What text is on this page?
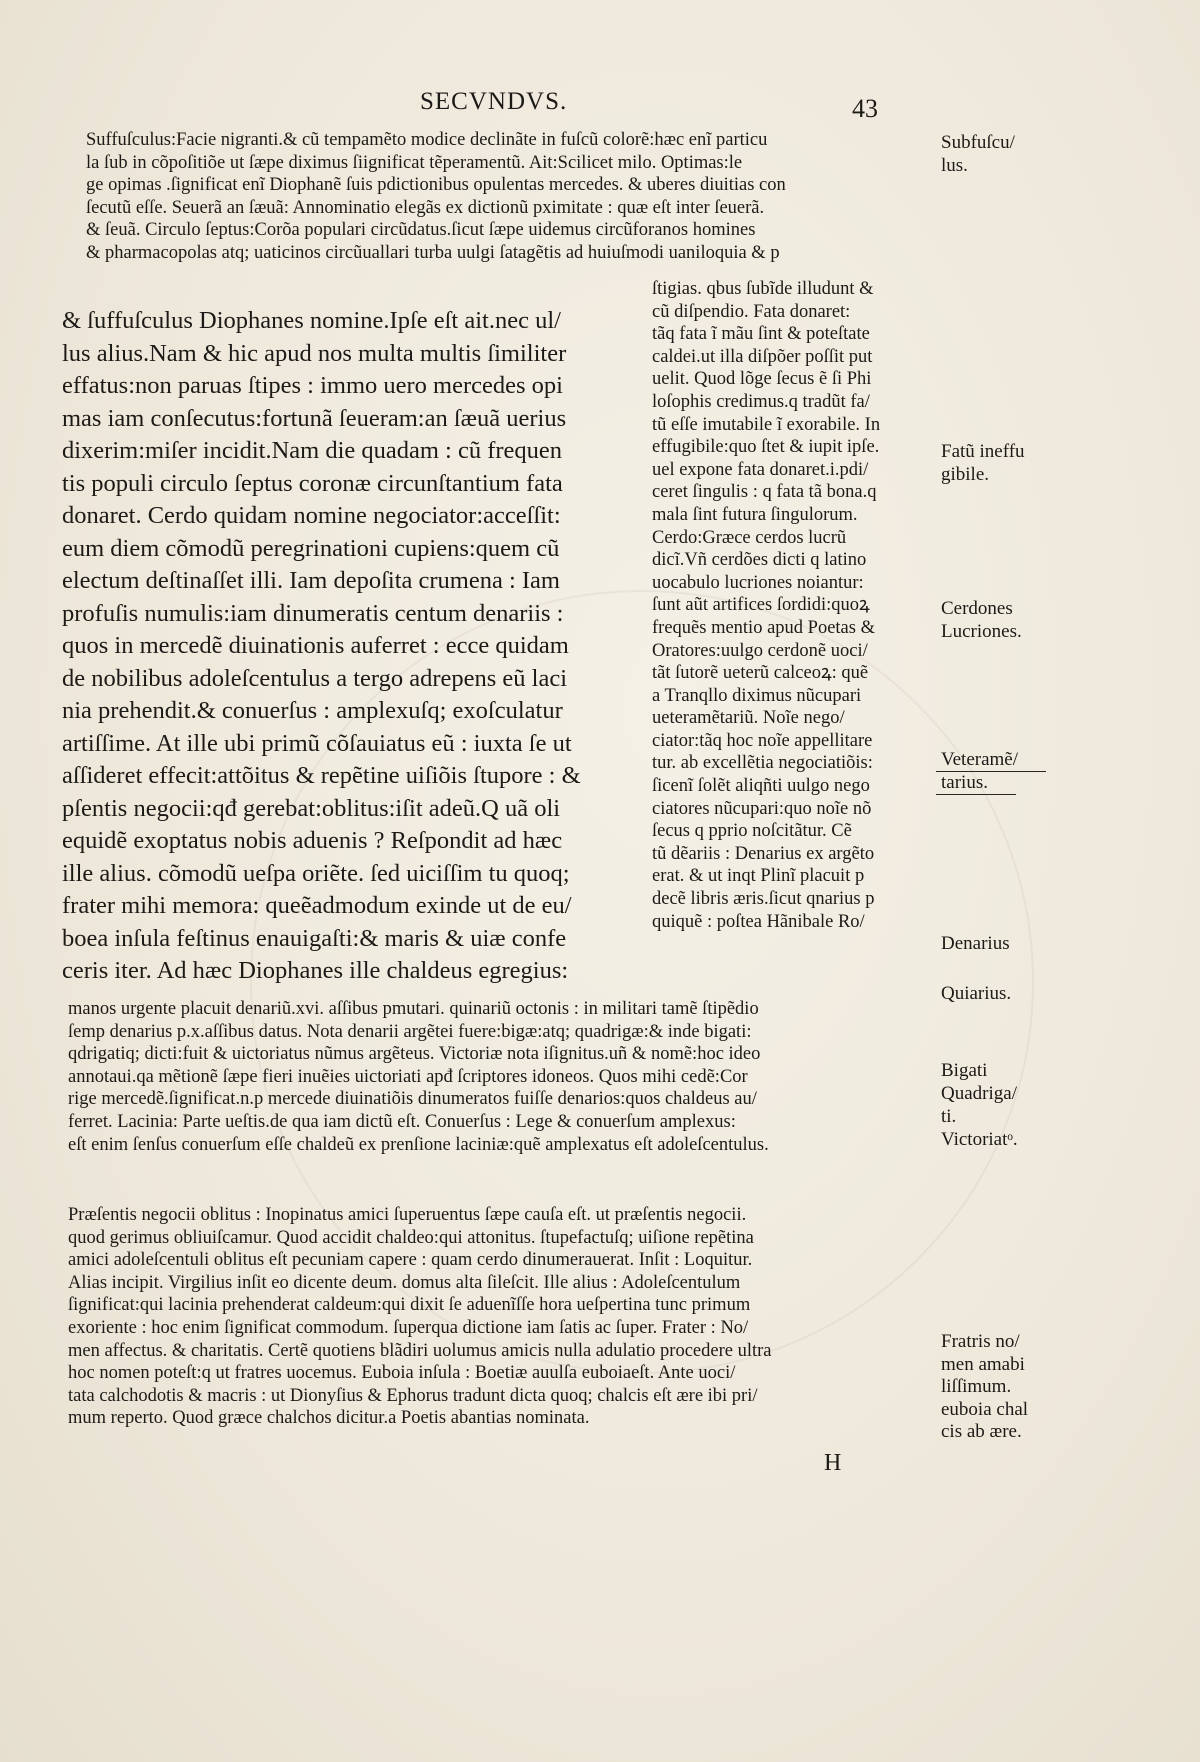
SECVNDVS.	43
Suffuſculus:Facie nigranti.& cũ tempamẽto modice declinãte in fuſcũ colorẽ:hæc enĩ particu
la ſub in cõpoſitiõe ut ſæpe diximus ſiignificat tẽperamentũ. Ait:Scilicet milo. Optimas:le
ge opimas .ſignificat enĩ Diophanẽ ſuis pdictionibus opulentas mercedes. & uberes diuitias con
ſecutũ eſſe. Seuerã an ſæuã: Annominatio elegãs ex dictionũ pximitate : quæ eſt inter ſeuerã.
& ſeuã. Circulo ſeptus:Corõa populari circũdatus.ſicut ſæpe uidemus circũforanos homines
& pharmacopolas atq; uaticinos circũuallari turba uulgi ſatagẽtis ad huiuſmodi uaniloquia & p
& ſuffuſculus Diophanes nomine.Ipſe eſt ait.nec ul/
lus alius.Nam & hic apud nos multa multis ſimiliter
effatus:non paruas ſtipes : immo uero mercedes opi
mas iam conſecutus:fortunã ſeueram:an ſæuã uerius
dixerim:miſer incidit.Nam die quadam : cũ frequen
tis populi circulo ſeptus coronæ circunſtantium fata
donaret. Cerdo quidam nomine negociator:acceſſit:
eum diem cõmodũ peregrinationi cupiens:quem cũ
electum deſtinaſſet illi. Iam depoſita crumena : Iam
profuſis numulis:iam dinumeratis centum denariis :
quos in mercedẽ diuinationis auferret : ecce quidam
de nobilibus adoleſcentulus a tergo adrepens eũ laci
nia prehendit.& conuerſus : amplexuſq; exoſculatur
artiſſime. At ille ubi primũ cõſauiatus eũ : iuxta ſe ut
aſſideret effecit:attõitus & repẽtine uiſiõis ſtupore : &
pſentis negocii:qđ gerebat:oblitus:iſit adeũ.Q uã oli
equidẽ exoptatus nobis aduenis ? Reſpondit ad hæc
ille alius. cõmodũ ueſpa oriẽte. ſed uiciſſim tu quoq;
frater mihi memora: queẽadmodum exinde ut de eu/
boea inſula feſtinus enauigaſti:& maris & uiæ confe
ceris iter. Ad hæc Diophanes ille chaldeus egregius:
ſtigias. qbus ſubĩde illudunt &
cũ diſpendio. Fata donaret:
tãq fata ĩ mãu ſint & poteſtate
caldei.ut illa diſpõer poſſit put
uelit. Quod lõge ſecus ẽ ſi Phi
loſophis credimus.q tradũt fa/
tũ eſſe imutabile ĩ exorabile. In
effugibile:quo ſtet & iupit ipſe.
uel expone fata donaret.i.pdi/
ceret ſingulis : q fata tã bona.q
mala ſint futura ſingulorum.
Cerdo:Græce cerdos lucrũ
dicĩ.Vñ cerdões dicti q latino
uocabulo lucriones noiantur:
ſunt aũt artifices ſordidi:quoꝝ
frequẽs mentio apud Poetas &
Oratores:uulgo cerdonẽ uoci/
tãt ſutorẽ ueterũ calceoꝝ: quẽ
a Tranqllo diximus nũcupari
ueteramẽtariũ. Noĩe nego/
ciator:tãq hoc noĩe appellitare
tur. ab excellẽtia negociatiõis:
ſicenĩ ſolẽt aliqñti uulgo nego
ciatores nũcupari:quo noĩe nõ
ſecus q pprio noſcitãtur. Cẽ
tũ dẽariis : Denarius ex argẽto
erat. & ut inqt Plinĩ placuit p
decẽ libris æris.ſicut qnarius p
quiquẽ : poſtea Hãnibale Ro/
manos urgente placuit denariũ.xvi. aſſibus pmutari. quinariũ octonis : in militari tamẽ ſtipẽdio
ſemp denarius p.x.aſſibus datus. Nota denarii argẽtei fuere:bigæ:atq; quadrigæ:& inde bigati:
qdrigatiq; dicti:fuit & uictoriatus nũmus argẽteus. Victoriæ nota iſignitus.uñ & nomẽ:hoc ideo
annotaui.qa mẽtionẽ ſæpe fieri inuẽies uictoriati apđ ſcriptores idoneos. Quos mihi cedẽ:Cor
rige mercedẽ.ſignificat.n.p mercede diuinatiõis dinumeratos fuiſſe denarios:quos chaldeus au/
ferret. Lacinia: Parte ueſtis.de qua iam dictũ eſt. Conuerſus : Lege & conuerſum amplexus:
eſt enim ſenſus conuerſum eſſe chaldeũ ex prenſione laciniæ:quẽ amplexatus eſt adoleſcentulus.
Præſentis negocii oblitus : Inopinatus amici ſuperuentus ſæpe cauſa eſt. ut præſentis negocii.
quod gerimus obliuiſcamur. Quod accidit chaldeo:qui attonitus. ſtupefactuſq; uiſione repẽtina
amici adoleſcentuli oblitus eſt pecuniam capere : quam cerdo dinumerauerat. Inſit : Loquitur.
Alias incipit. Virgilius inſit eo dicente deum. domus alta ſileſcit. Ille alius : Adoleſcentulum
ſignificat:qui lacinia prehenderat caldeum:qui dixit ſe aduenĩſſe hora ueſpertina tunc primum
exoriente : hoc enim ſignificat commodum. ſuperqua dictione iam ſatis ac ſuper. Frater : No/
men affectus. & charitatis. Certẽ quotiens blãdiri uolumus amicis nulla adulatio procedere ultra
hoc nomen poteſt:q ut fratres uocemus. Euboia inſula : Boetiæ auulſa euboiaeſt. Ante uoci/
tata calchodotis & macris : ut Dionyſius & Ephorus tradunt dicta quoq; chalcis eſt ære ibi pri/
mum reperto. Quod græce chalchos dicitur.a Poetis abantias nominata.
Subfuſcu/
lus.
Fatũ ineffu
gibile.
Cerdones
Lucriones.
Veteramẽ/
tarius.
Denarius
Quiarius.
Bigati
Quadriga/
ti.
Victoriatᵒ.
Fratris no/
men amabi
liſſimum.
euboia chal
cis ab ære.
H
